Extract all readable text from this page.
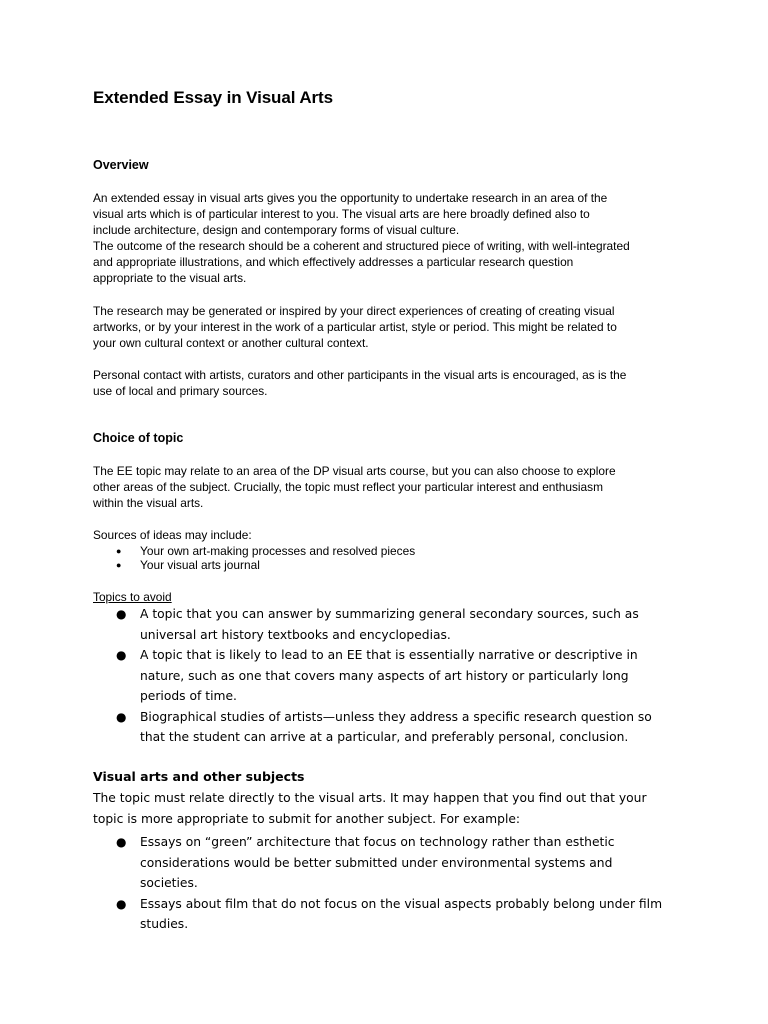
Extended Essay in Visual Arts
Overview

An extended essay in visual arts gives you the opportunity to undertake research in an area of the
visual arts which is of particular interest to you. The visual arts are here broadly defined also to
include architecture, design and contemporary forms of visual culture.
The outcome of the research should be a coherent and structured piece of writing, with well-integrated
and appropriate illustrations, and which effectively addresses a particular research question
appropriate to the visual arts.

The research may be generated or inspired by your direct experiences of creating of creating visual
artworks, or by your interest in the work of a particular artist, style or period. This might be related to
your own cultural context or another cultural context.

Personal contact with artists, curators and other participants in the visual arts is encouraged, as is the
use of local and primary sources.

Choice of topic

The EE topic may relate to an area of the DP visual arts course, but you can also choose to explore
other areas of the subject. Crucially, the topic must reflect your particular interest and enthusiasm
within the visual arts.

Sources of ideas may include:

● Your own art-making processes and resolved pieces
● Your visual arts journal
Topics to avoid
● A topic that you can answer by summarizing general secondary sources, such as
universal art history textbooks and encyclopedias.
● A topic that is likely to lead to an EE that is essentially narrative or descriptive in
nature, such as one that covers many aspects of art history or particularly long
periods of time.
● Biographical studies of artists—unless they address a specific research question so
that the student can arrive at a particular, and preferably personal, conclusion.
Visual arts and other subjects

The topic must relate directly to the visual arts. It may happen that you find out that your
topic is more appropriate to submit for another subject. For example:

● Essays on “green” architecture that focus on technology rather than esthetic
considerations would be better submitted under environmental systems and
societies.
● Essays about film that do not focus on the visual aspects probably belong under film
studies.
